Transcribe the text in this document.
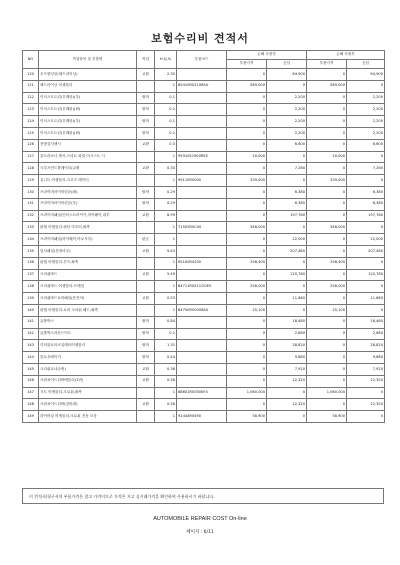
보험수리비 견적서
NO	작업항목 및 부품명	작업	H,Q,%	부품코드	손해 사정전		손해 사정후	
					부품가격	공임	부품가격	공임
120	우프롤딩린(헤드라이닝)	교환	2.35		0	64,900	0	64,900
121	헤드라이닝 어셈블리		1	85410R0210BSU	569,000	0	569,000	0
122	이서스트트린(우레탄)(우)	탈착	0.1		0	2,200	0	2,200
123	이서스트트린(우레탄)(좌)	탈착	0.1		0	2,200	0	2,200
124	이서스트트린(우레탄)(우)	탈착	0.1		0	2,200	0	2,200
125	이서스트트린(우레탄)(좌)	탈착	0.1		0	2,200	0	2,200
126	전방감지센서	교환	0.3		0	6,600	0	6,600
127	울트라소닉 센서-스마트 파킹 어시스트 시		1	99310S1900RES	20,000	0	20,000	0
128	크루즈컨트롤레이더(교환	교환	0.33		0	7,260	0	7,260
129	유니트 어셈블리-크루즈 레이더		1	99110R0000	339,000	0	339,000	0
130	프라이머마이어린폰(좌)	탈착	0.29		0	6,380	0	6,380
131	프라이머마이어린폰(우)	탈착	0.29		0	6,380	0	6,380
132	프라이머패널(언더스트라이카,하이웨이,대부	교환	8.99		0	197,780	0	197,780
133	판넬 어셈블리-쿼터 아우터,좌측		1	71502R0C00	346,000	0	346,000	0
134	프라이머패널(하이웨이,아무사부)	판금	1		0	22,000	0	22,000
135	일사패널(천장마우)	교환	9.43		0	207,460	0	207,460
136	판넬 어셈블리-루프,좌측		1	65100R4200	298,400	0	298,400	0
137	크리쉬바드	교환	5.49		0	120,780	0	120,780
138	크리쉬바드 어셈블리-프레임		1	84711R0511GOES	256,000	0	256,000	0
139	크리쉬바드로어패널(운전석)	교환	0.53		0	11,660	0	11,660
140	판넬 어셈블리-로어 크러쉬 패드,좌측		1	84750R0000BSU	25,100	0	25,100	0
141	글롤박스	탈착	0.84		0	18,480	0	18,480
142	글롤박스라운드덕트	탈착	0.1		0	2,680	0	2,680
143	히터블로어코일레터어셈블리	탈착	1.31		0	28,820	0	28,820
144	블로우메이커	탈착	0.44		0	9,680	0	9,680
145	크리쉬로너(1번)	교환	0.36		0	7,920	0	7,920
146	크런치이드리바에블리(1번)	교환	0.56		0	12,320	0	12,320
147	시트 어셈블리-크로쉬,좌측		1	88601R0050KF4	1,060,000	0	1,060,000	0
148	크런치이드리바(앞바퀴)	교환	0.56		0	12,320	0	12,320
149	하이어링 어셈블리-크로쉬 전동 모음		1	91444R0490	58,900	0	58,900	0
이 견적서/청구서의 부품가격은 참고 가격이므로 가격은 지고 실거래가격을 확인하여 사용하시기 바랍니다.
AUTOMOBILE REPAIR COST On-line
페이지 : 6/11
